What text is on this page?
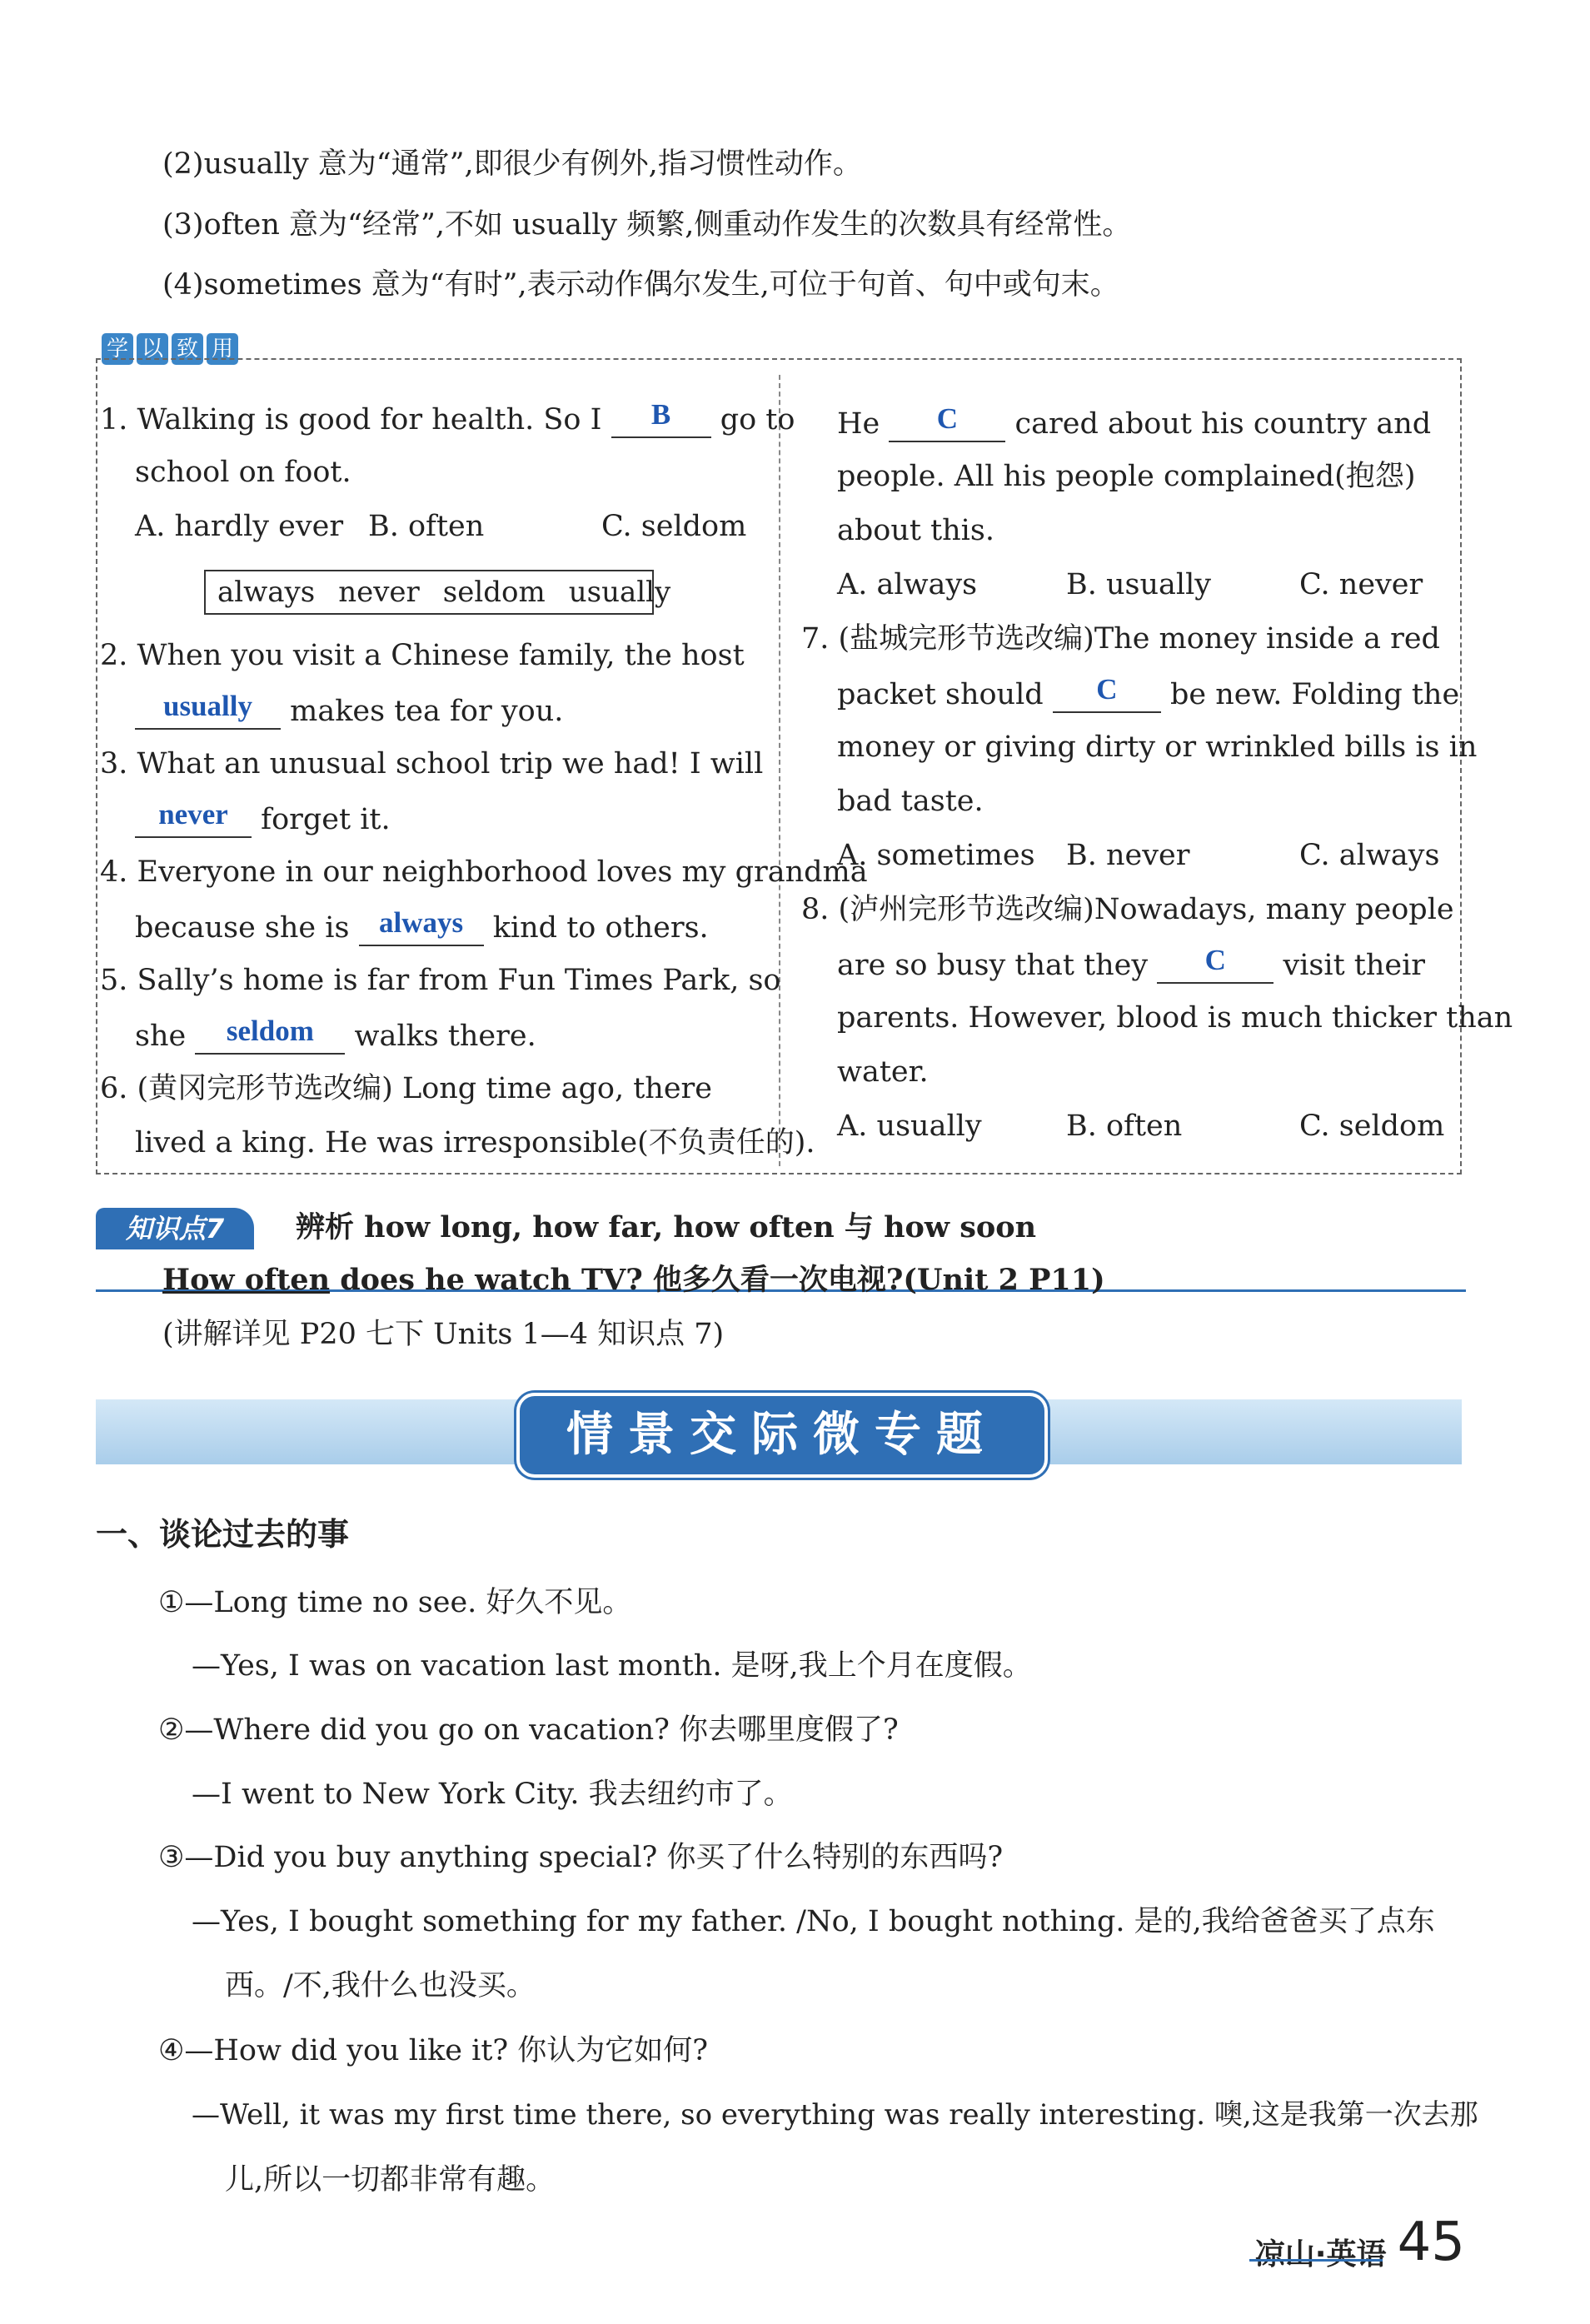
(2)usually 意为“通常”,即很少有例外,指习惯性动作。
(3)often 意为“经常”,不如 usually 频繁,侧重动作发生的次数具有经常性。
(4)sometimes 意为“有时”,表示动作偶尔发生,可位于句首、句中或句末。
学 以 致 用
1. Walking is good for health. So I B go to
school on foot.
A. hardly ever B. often	C. seldom
always never seldom usually
2. When you visit a Chinese family, the host
usually makes tea for you.
3. What an unusual school trip we had! I will
never forget it.
4. Everyone in our neighborhood loves my grandma
because she is always kind to others.
5. Sally’s home is far from Fun Times Park, so
she seldom walks there.
6. (黄冈完形节选改编) Long time ago, there
lived a king. He was irresponsible(不负责任的).
He C cared about his country and
people. All his people complained(抱怨)
about this.
A. always	B. usually	C. never
7. (盐城完形节选改编)The money inside a red
packet should C be new. Folding the
money or giving dirty or wrinkled bills is in
bad taste.
A. sometimes B. never	C. always
8. (泸州完形节选改编)Nowadays, many people
are so busy that they C visit their
parents. However, blood is much thicker than
water.
A. usually	B. often	C. seldom
知识点7	辨析 how long, how far, how often 与 how soon
How often does he watch TV? 他多久看一次电视?(Unit 2 P11)
(讲解详见 P20 七下 Units 1—4 知识点 7)
情景交际微专题
一、谈论过去的事
①—Long time no see. 好久不见。
—Yes, I was on vacation last month. 是呀,我上个月在度假。
②—Where did you go on vacation? 你去哪里度假了?
—I went to New York City. 我去纽约市了。
③—Did you buy anything special? 你买了什么特别的东西吗?
—Yes, I bought something for my father. /No, I bought nothing. 是的,我给爸爸买了点东
西。/不,我什么也没买。
④—How did you like it? 你认为它如何?
—Well, it was my first time there, so everything was really interesting. 噢,这是我第一次去那
儿,所以一切都非常有趣。
凉山·英语 45
